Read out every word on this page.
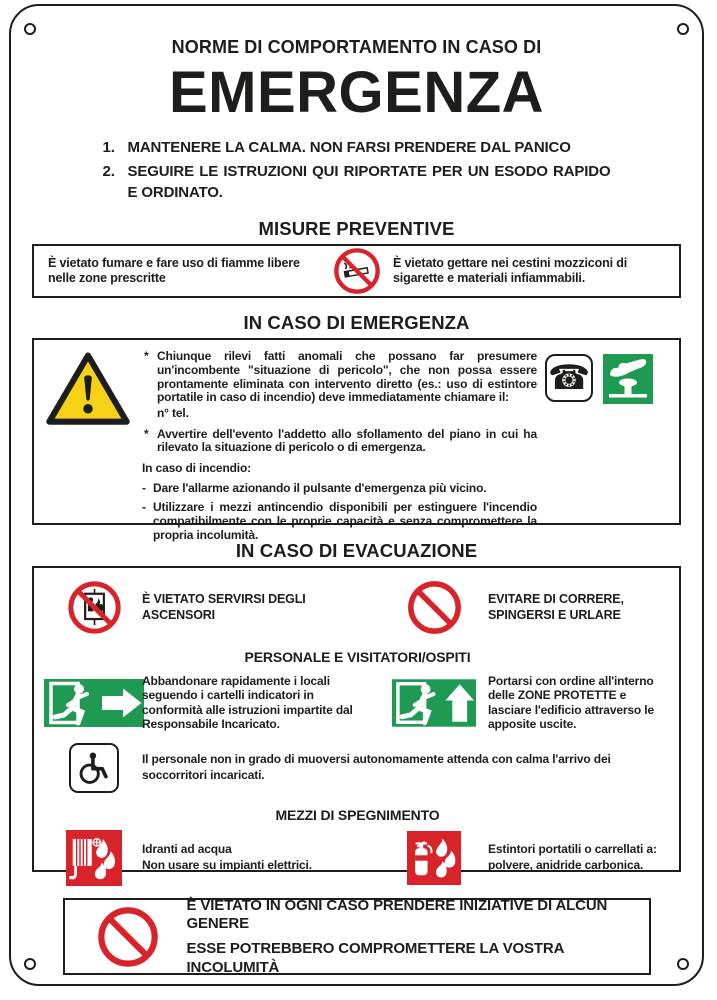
NORME DI COMPORTAMENTO IN CASO DI
EMERGENZA
1. MANTENERE LA CALMA. NON FARSI PRENDERE DAL PANICO
2. SEGUIRE LE ISTRUZIONI QUI RIPORTATE PER UN ESODO RAPIDO E ORDINATO.
MISURE PREVENTIVE
È vietato fumare e fare uso di fiamme libere nelle zone prescritte
È vietato gettare nei cestini mozziconi di sigarette e materiali infiammabili.
IN CASO DI EMERGENZA
* Chiunque rilevi fatti anomali che possano far presumere un'incombente "situazione di pericolo", che non possa essere prontamente eliminata con intervento diretto (es.: uso di estintore portatile in caso di incendio) deve immediatamente chiamare il:
n° tel.
* Avvertire dell'evento l'addetto allo sfollamento del piano in cui ha rilevato la situazione di pericolo o di emergenza.
In caso di incendio:
- Dare l'allarme azionando il pulsante d'emergenza più vicino.
- Utilizzare i mezzi antincendio disponibili per estinguere l'incendio compatibilmente con le proprie capacità e senza compromettere la propria incolumità.
☎
IN CASO DI EVACUAZIONE
È VIETATO SERVIRSI DEGLI ASCENSORI
EVITARE DI CORRERE, SPINGERSI E URLARE
PERSONALE E VISITATORI/OSPITI
Abbandonare rapidamente i locali seguendo i cartelli indicatori in conformità alle istruzioni impartite dal Responsabile Incaricato.
Portarsi con ordine all'interno delle ZONE PROTETTE e lasciare l'edificio attraverso le apposite uscite.
Il personale non in grado di muoversi autonomamente attenda con calma l'arrivo dei soccorritori incaricati.
MEZZI DI SPEGNIMENTO
Idranti ad acqua
Non usare su impianti elettrici.
Estintori portatili o carrellati a:
polvere, anidride carbonica.
È VIETATO IN OGNI CASO PRENDERE INIZIATIVE DI ALCUN GENERE
ESSE POTREBBERO COMPROMETTERE LA VOSTRA INCOLUMITÀ
